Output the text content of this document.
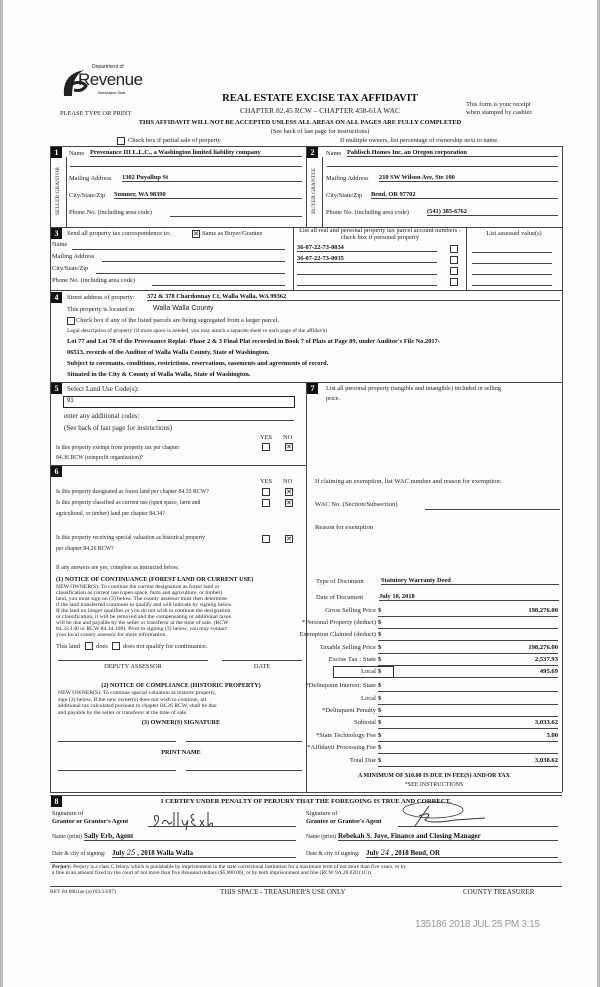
Department of
Revenue
Washington State	REAL ESTATE EXCISE TAX AFFIDAVIT
PLEASE TYPE OR PRINT	CHAPTER 82.45 RCW – CHAPTER 458-61A WAC
This form is your receipt
when stamped by cashier.
THIS AFFIDAVIT WILL NOT BE ACCEPTED UNLESS ALL AREAS ON ALL PAGES ARE FULLY COMPLETED
(See back of last page for instructions)
Check box if partial sale of property	If multiple owners, list percentage of ownership next to name.
1	2
SELLER GRANTOR	BUYER GRANTEE
Name Provenance III L.L.C., a Washington limited liability company
Mailing Address 1302 Puyallup St
City/State/Zip Sumner, WA 98390
Phone No. (including area code)
Name Pahlisch Homes Inc, an Oregon corporation
Mailing Address 210 SW Wilson Ave, Ste 100
City/State/Zip Bend, OR 97702
Phone No. (including area code)	(541) 385-6762
3	Send all property tax correspondence to:	✕ Same as Buyer/Grantee
Name
Mailing Address
City/State/Zip
Phone No. (including area code)
List all real and personal property tax parcel account numbers - check box if personal property
List assessed value(s)
36-07-22-73-0034
36-07-22-73-0035
4	Street address of property: 372 & 378 Chardonnay Ct, Walla Walla, WA 99362
This property is located in	Walla Walla County
Check box if any of the listed parcels are being segregated from a larger parcel.
Legal description of property (if more space is needed, you may attach a separate sheet to each page of the affidavit)
Lot 77 and Lot 78 of the Provenance Replat- Phase 2 & 3 Final Plat recorded in Book 7 of Plats at Page 89, under Auditor's File No.2017-
06513, records of the Auditor of Walla Walla County, State of Washington.
Subject to covenants, conditions, restrictions, reservations, easements and agreements of record.
Situated in the City & County of Walla Walla, State of Washington.
5	Select Land Use Code(s):
91
enter any additional codes:
(See back of last page for instructions)
YES NO
Is this property exempt from property tax per chapter
84.36 RCW (nonprofit organization)?
✕
6
YES NO
Is this property designated as forest land per chapter 84.33 RCW?	✕
Is this property classified as current use (open space, farm and
agricultural, or timber) land per chapter 84.34?
✕
Is this property receiving special valuation as historical property
per chapter 84.26 RCW?
✕
If any answers are yes, complete as instructed below.
(1) NOTICE OF CONTINUANCE (FOREST LAND OR CURRENT USE)
NEW OWNER(S): To continue the current designation as forest land or
classification as current use (open space, farm and agriculture, or timber)
land, you must sign on (3) below. The county assessor must then determine
if the land transferred continues to qualify and will indicate by signing below.
If the land no longer qualifies or you do not wish to continue the designation
or classification, it will be removed and the compensating or additional taxes
will be due and payable by the seller or transferor at the time of sale. (RCW
84.33.140 or RCW 84.34.108). Prior to signing (3) below, you may contact
your local county assessor for more information.
This land	does does not qualify for continuance.
DEPUTY ASSESSOR	DATE
(2) NOTICE OF COMPLIANCE (HISTORIC PROPERTY)
NEW OWNER(S): To continue special valuation as historic property,
sign (3) below. If the new owner(s) does not wish to continue, all
additional tax calculated pursuant to chapter 84.26 RCW, shall be due
and payable by the seller or transferor at the time of sale.
(3) OWNER(S) SIGNATURE
PRINT NAME
7	List all personal property (tangible and intangible) included in selling
price.
If claiming an exemption, list WAC number and reason for exemption:
WAC No. (Section/Subsection)
Reason for exemption
Type of Document	Statutory Warranty Deed
Date of Document July 18, 2018
Gross Selling Price $	198,276.00
*Personal Property (deduct) $
Exemption Claimed (deduct) $
Taxable Selling Price $	198,276.00
Excise Tax : State $	2,537.93
Local $	495.69
*Delinquent Interest: State $
Local $
*Delinquent Penalty $
Subtotal $	3,033.62
*State Technology Fee $	5.00
*Affidavit Processing Fee $
Total Due $	3,038.62
A MINIMUM OF $10.00 IS DUE IN FEE(S) AND/OR TAX
*SEE INSTRUCTIONS
8	I CERTIFY UNDER PENALTY OF PERJURY THAT THE FOREGOING IS TRUE AND CORRECT.
Signature of
Grantor or Grantor's Agent
Name (print) Sally Erb, Agent
Date & city of signing: July 25 , 2018 Walla Walla
Signature of
Grantee or Grantee's Agent
Name (print) Rebekah S. Joye, Finance and Closing Manager
Date & city of signing: July 24 , 2018 Bend, OR
Perjury: Perjury is a class C felony which is punishable by imprisonment in the state correctional institution for a maximum term of not more than five years, or by
a fine in an amount fixed by the court of not more than five thousand dollars ($5,000.00), or by both imprisonment and fine (RCW 9A.20.020 (1C)).
REV 84 0001ae (a) (03/13/07)	THIS SPACE - TREASURER'S USE ONLY	COUNTY TREASURER
135186 2018 JUL 25 PM 3:15
